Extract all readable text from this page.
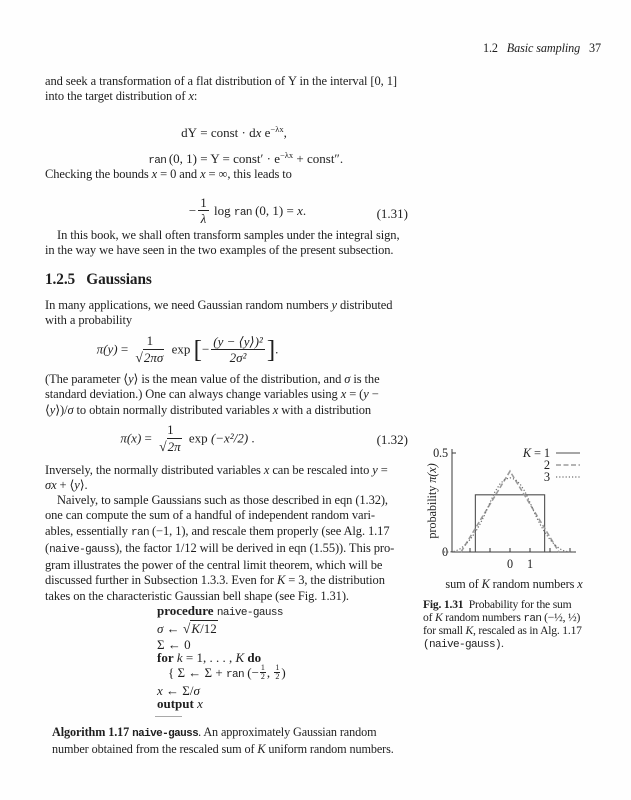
1.2   Basic sampling   37
and seek a transformation of a flat distribution of Υ in the interval [0, 1]
into the target distribution of x:
dΥ = const · dx $e^{-\lambda x}$,
ran (0, 1) = Υ = const′ · $e^{-\lambda x}$ + const″.
Checking the bounds x = 0 and x = ∞, this leads to
− $\frac{1}{\lambda}$ log ran (0, 1) = x.	(1.31)
In this book, we shall often transform samples under the integral sign,
in the way we have seen in the two examples of the present subsection.
1.2.5 Gaussians
In many applications, we need Gaussian random numbers y distributed
with a probability
π(y) =
1
√2πσ
exp [− $\frac{\text{(y − ⟨y⟩)²}}{\text{2σ²}}$ ].
(The parameter ⟨y⟩ is the mean value of the distribution, and σ is the
standard deviation.) One can always change variables using x = (y −
⟨y⟩)/σ to obtain normally distributed variables x with a distribution
π(x) =
1
√2π
exp (−x²/2) .	(1.32)
Inversely, the normally distributed variables x can be rescaled into y =
σx + ⟨y⟩.
Naively, to sample Gaussians such as those described in eqn (1.32),
one can compute the sum of a handful of independent random vari-
ables, essentially ran (−1, 1), and rescale them properly (see Alg. 1.17
(naive-gauss), the factor 1/12 will be derived in eqn (1.55)). This pro-
gram illustrates the power of the central limit theorem, which will be
discussed further in Subsection 1.3.3. Even for K = 3, the distribution
takes on the characteristic Gaussian bell shape (see Fig. 1.31).
procedure naive-gauss
σ ← √K/12
Σ ← 0
for k = 1, . . . , K do
{ Σ ← Σ + ran (− $\frac{1}{2}$ , $\frac{1}{2}$ )
x ← Σ/σ
output x
Algorithm 1.17 naive-gauss. An approximately Gaussian random
number obtained from the rescaled sum of K uniform random numbers.
0 1
0
0.5	K = 1
2
3
sum of K random numbers x
probability π(x)
Fig. 1.31  Probability for the sum
of K random numbers ran (−½, ½)
for small K, rescaled as in Alg. 1.17
(naive-gauss).
